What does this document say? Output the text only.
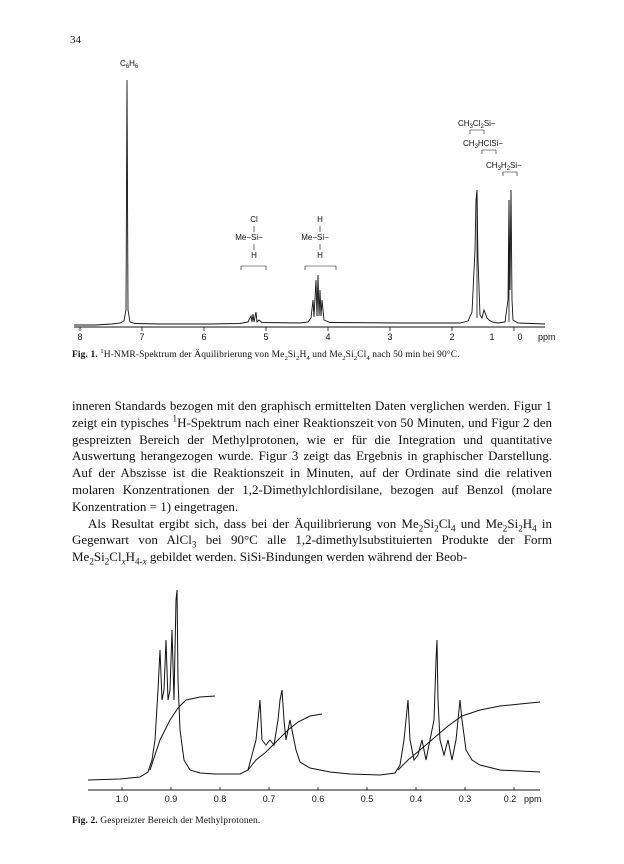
34
8	7	6	5	4	3	2	1	0 ppm
$C_6H_6$
Cl
Me−Si−
H
H
Me−Si−
H
$CH_3Cl_2Si-$
$CH_3HClSi-$
$CH_3H_2Si-$
Fig. 1. $^1$H-NMR-Spektrum der Äquilibrierung von $Me_2Si_2H_4$ und $Me_2Si_2Cl_4$ nach 50 min bei 90°C.

inneren Standards bezogen mit den graphisch ermittelten Daten verglichen werden. Figur 1 zeigt ein typisches $^1$H-Spektrum nach einer Reaktionszeit von 50 Minuten, und Figur 2 den gespreizten Bereich der Methylprotonen, wie er für die Integration und quantitative Auswertung herangezogen wurde. Figur 3 zeigt das Ergebnis in graphischer Darstellung. Auf der Abszisse ist die Reaktionszeit in Minuten, auf der Ordinate sind die relativen molaren Konzentrationen der 1,2-Dimethylchlordisilane, bezogen auf Benzol (molare Konzentration = 1) eingetragen.

Als Resultat ergibt sich, dass bei der Äquilibrierung von $Me_2Si_2Cl_4$ und $Me_2Si_2H_4$ in Gegenwart von AlCl$_3$ bei 90°C alle 1,2-dimethylsubstituierten Produkte der Form $Me_2Si_2Cl_xH_{4-x}$ gebildet werden. SiSi-Bindungen werden während der Beob-

1.0	0.9	0.8	0.7	0.6	0.5	0.4	0.3	0.2 ppm
Fig. 2. Gespreizter Bereich der Methylprotonen.
